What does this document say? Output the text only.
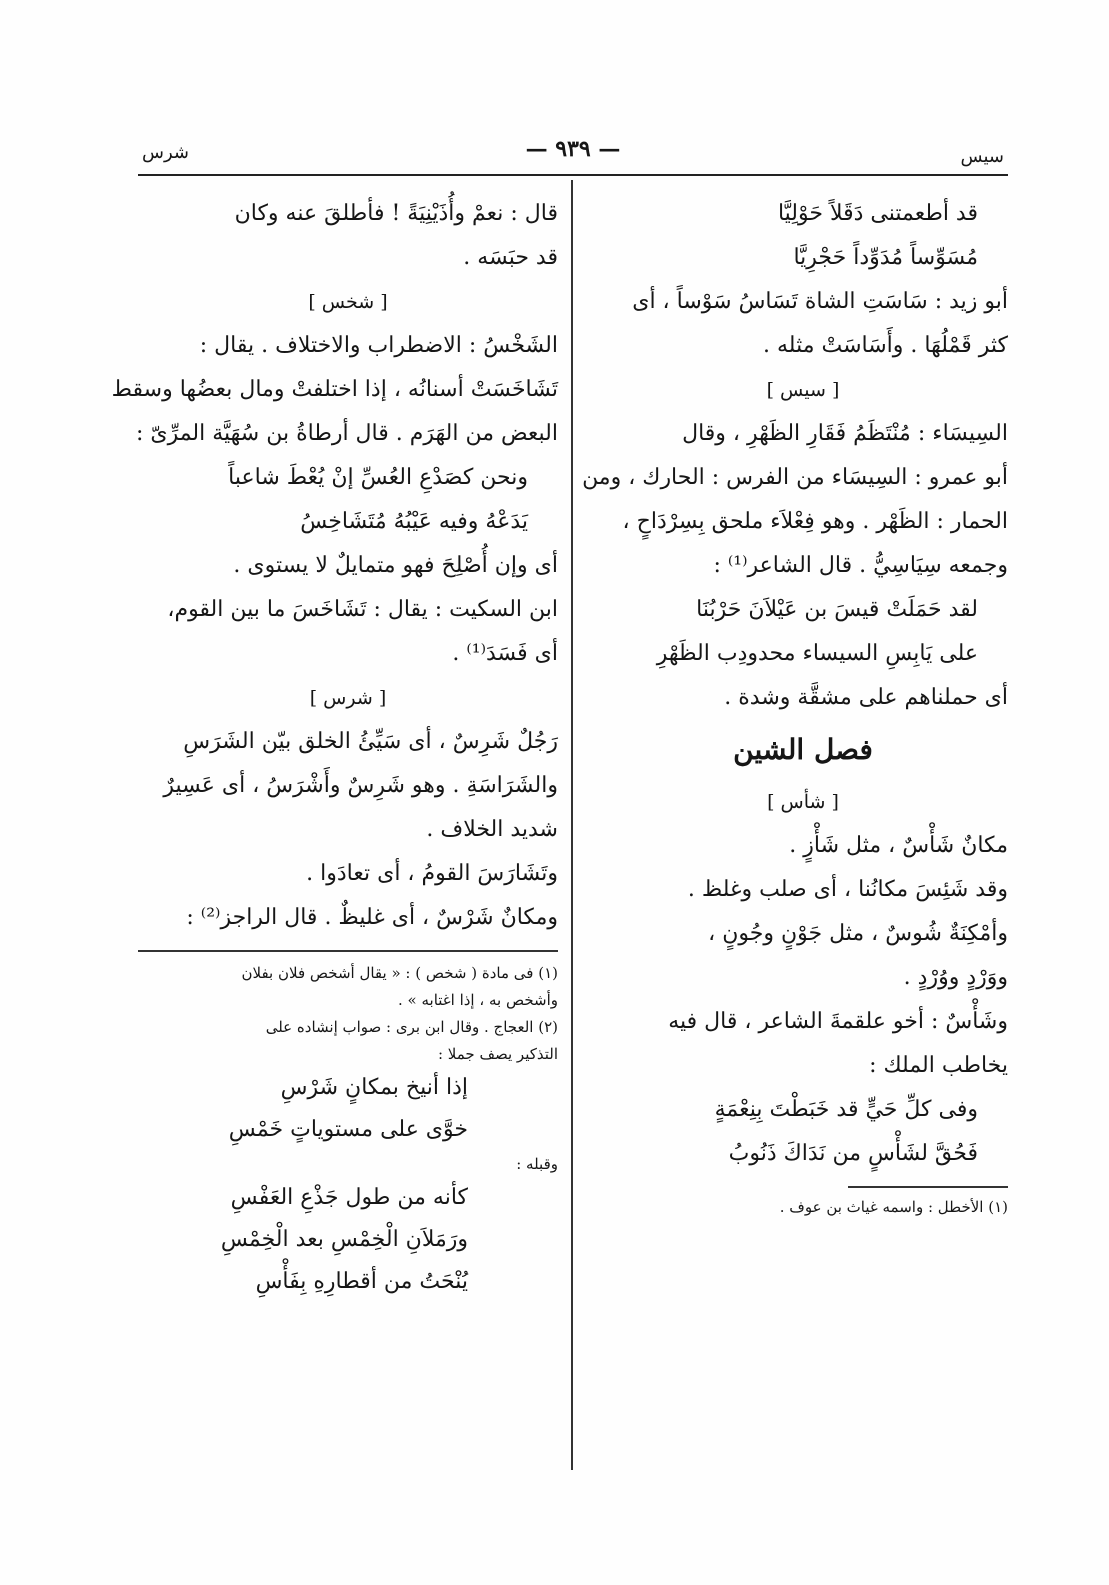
سيس
— ٩٣٩ —
شرس
قد أطعمتنى دَقَلاً حَوْلِيَّا
مُسَوِّساً مُدَوِّداً حَجْرِيَّا
أبو زيد : سَاسَتِ الشاة تَسَاسُ سَوْساً ، أى
كثر قَمْلُهَا . وأَسَاسَتْ مثله .
[ سيس ]
السِيسَاء : مُنْتَظَمُ فَقَارِ الظَهْرِ ، وقال
أبو عمرو : السِيسَاء من الفرس : الحارك ، ومن
الحمار : الظَهْر . وهو فِعْلاَء ملحق بِسِرْدَاحٍ ،
وجمعه سِيَاسِيُّ . قال الشاعر⁽¹⁾ :
لقد حَمَلَتْ قيسَ بن عَيْلاَنَ حَرْبُنَا
على يَابِسِ السيساء محدودِب الظَهْرِ
أى حملناهم على مشقَّة وشدة .
فصل الشين
[ شأس ]
مكانٌ شَأْسٌ ، مثل شَأْزٍ .
وقد شَئِسَ مكانُنا ، أى صلب وغلظ .
وأمْكِنَةٌ شُوسٌ ، مثل جَوْنٍ وجُونٍ ،
ووَرْدٍ ووُرْدٍ .
وشَأْسٌ : أخو علقمةَ الشاعر ، قال فيه
يخاطب الملك :
وفى كلِّ حَيٍّ قد خَبَطْتَ بِنِعْمَةٍ
فَحُقَّ لشَأْسٍ من نَدَاكَ ذَنُوبُ
(١) الأخطل : واسمه غياث بن عوف .
قال : نعمْ وأُذَيْنِيَةً ! فأطلقَ عنه وكان
قد حبَسَه .
[ شخس ]
الشَخْسُ : الاضطراب والاختلاف . يقال :
تَشَاخَسَتْ أسنانُه ، إذا اختلفتْ ومال بعضُها وسقط
البعض من الهَرَم . قال أرطاةُ بن سُهَيَّة المرِّىّ :
ونحن كصَدْعِ العُسِّ إنْ يُعْطَ شاعباً
يَدَعْهُ وفيه عَيْبُهُ مُتَشَاخِسُ
أى وإن أُصْلِحَ فهو متمايلٌ لا يستوى .
ابن السكيت : يقال : تَشَاخَسَ ما بين القوم،
أى فَسَدَ⁽¹⁾ .
[ شرس ]
رَجُلٌ شَرِسٌ ، أى سَيِّئُ الخلق بيّن الشَرَسِ
والشَرَاسَةِ . وهو شَرِسٌ وأَشْرَسُ ، أى عَسِيرٌ
شديد الخلاف .
وتَشَارَسَ القومُ ، أى تعادَوا .
ومكانٌ شَرْسٌ ، أى غليظٌ . قال الراجز⁽²⁾ :
(١) فى مادة ( شخص ) : « يقال أشخص فلان بفلان
وأشخص به ، إذا اغتابه » .
(٢) العجاج . وقال ابن برى : صواب إنشاده على
التذكير يصف جملا :
إذا أنيخ بمكانٍ شَرْسِ
خوَّى على مستوياتٍ خَمْسِ
وقبله :
كأنه من طول جَذْعِ العَفْسِ
ورَمَلاَنِ الْخِمْسِ بعد الْخِمْسِ
يُنْحَتُ من أقطارِهِ بِفَأْسِ
